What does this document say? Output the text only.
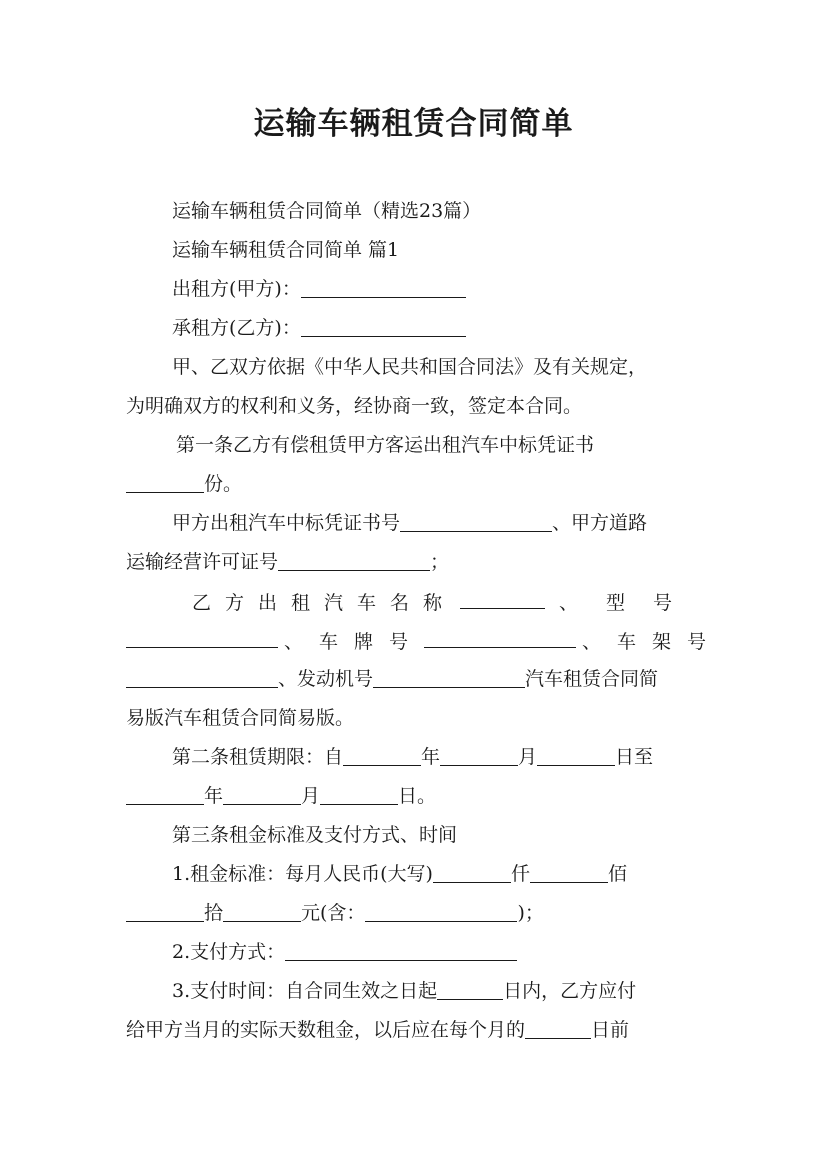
运输车辆租赁合同简单
运输车辆租赁合同简单（精选23篇）
运输车辆租赁合同简单 篇1
出租方(甲方)：
承租方(乙方)：
甲、乙双方依据《中华人民共和国合同法》及有关规定，
为明确双方的权利和义务，经协商一致，签定本合同。
第一条乙方有偿租赁甲方客运出租汽车中标凭证书
份。
甲方出租汽车中标凭证书号	、甲方道路
运输经营许可证号	；
乙方出租汽车名称	、型号
、车牌号	、车架号
、发动机号	汽车租赁合同简
易版汽车租赁合同简易版。
第二条租赁期限：自	年	月	日至
年	月	日。
第三条租金标准及支付方式、时间
1.租金标准：每月人民币(大写)	仟	佰
拾	元(含：	)；
2.支付方式：
3.支付时间：自合同生效之日起	日内，乙方应付
给甲方当月的实际天数租金，以后应在每个月的	日前
